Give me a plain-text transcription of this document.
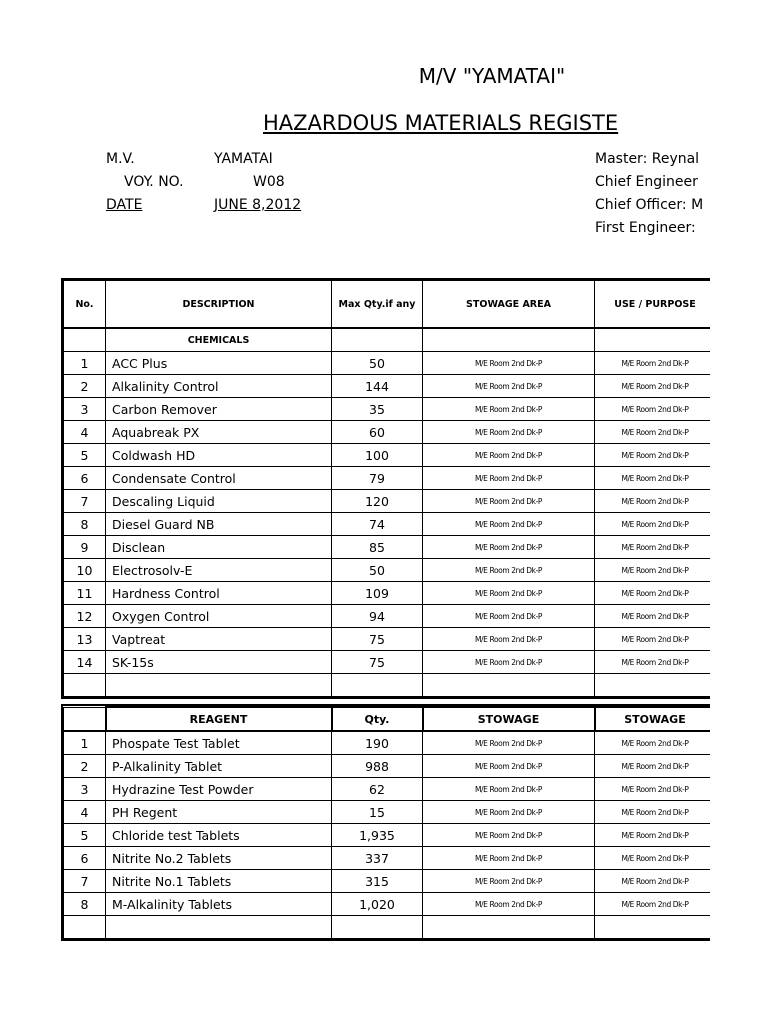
M/V "YAMATAI"
HAZARDOUS MATERIALS REGISTE
M.V.	YAMATAI
VOY. NO.	W08
DATE	JUNE 8,2012
Master: Reynal
Chief Engineer
Chief Officer: M
First Engineer:
No.	DESCRIPTION	Max Qty.if any	STOWAGE AREA	USE / PURPOSE
	CHEMICALS			
1	ACC Plus	50	M/E Room 2nd Dk-P	M/E Room 2nd Dk-P
2	Alkalinity Control	144	M/E Room 2nd Dk-P	M/E Room 2nd Dk-P
3	Carbon Remover	35	M/E Room 2nd Dk-P	M/E Room 2nd Dk-P
4	Aquabreak PX	60	M/E Room 2nd Dk-P	M/E Room 2nd Dk-P
5	Coldwash HD	100	M/E Room 2nd Dk-P	M/E Room 2nd Dk-P
6	Condensate Control	79	M/E Room 2nd Dk-P	M/E Room 2nd Dk-P
7	Descaling Liquid	120	M/E Room 2nd Dk-P	M/E Room 2nd Dk-P
8	Diesel Guard NB	74	M/E Room 2nd Dk-P	M/E Room 2nd Dk-P
9	Disclean	85	M/E Room 2nd Dk-P	M/E Room 2nd Dk-P
10	Electrosolv-E	50	M/E Room 2nd Dk-P	M/E Room 2nd Dk-P
11	Hardness Control	109	M/E Room 2nd Dk-P	M/E Room 2nd Dk-P
12	Oxygen Control	94	M/E Room 2nd Dk-P	M/E Room 2nd Dk-P
13	Vaptreat	75	M/E Room 2nd Dk-P	M/E Room 2nd Dk-P
14	SK-15s	75	M/E Room 2nd Dk-P	M/E Room 2nd Dk-P

	REAGENT	Qty.	STOWAGE	STOWAGE
1	Phospate Test Tablet	190	M/E Room 2nd Dk-P	M/E Room 2nd Dk-P
2	P-Alkalinity Tablet	988	M/E Room 2nd Dk-P	M/E Room 2nd Dk-P
3	Hydrazine Test Powder	62	M/E Room 2nd Dk-P	M/E Room 2nd Dk-P
4	PH Regent	15	M/E Room 2nd Dk-P	M/E Room 2nd Dk-P
5	Chloride test Tablets	1,935	M/E Room 2nd Dk-P	M/E Room 2nd Dk-P
6	Nitrite No.2 Tablets	337	M/E Room 2nd Dk-P	M/E Room 2nd Dk-P
7	Nitrite No.1 Tablets	315	M/E Room 2nd Dk-P	M/E Room 2nd Dk-P
8	M-Alkalinity Tablets	1,020	M/E Room 2nd Dk-P	M/E Room 2nd Dk-P
